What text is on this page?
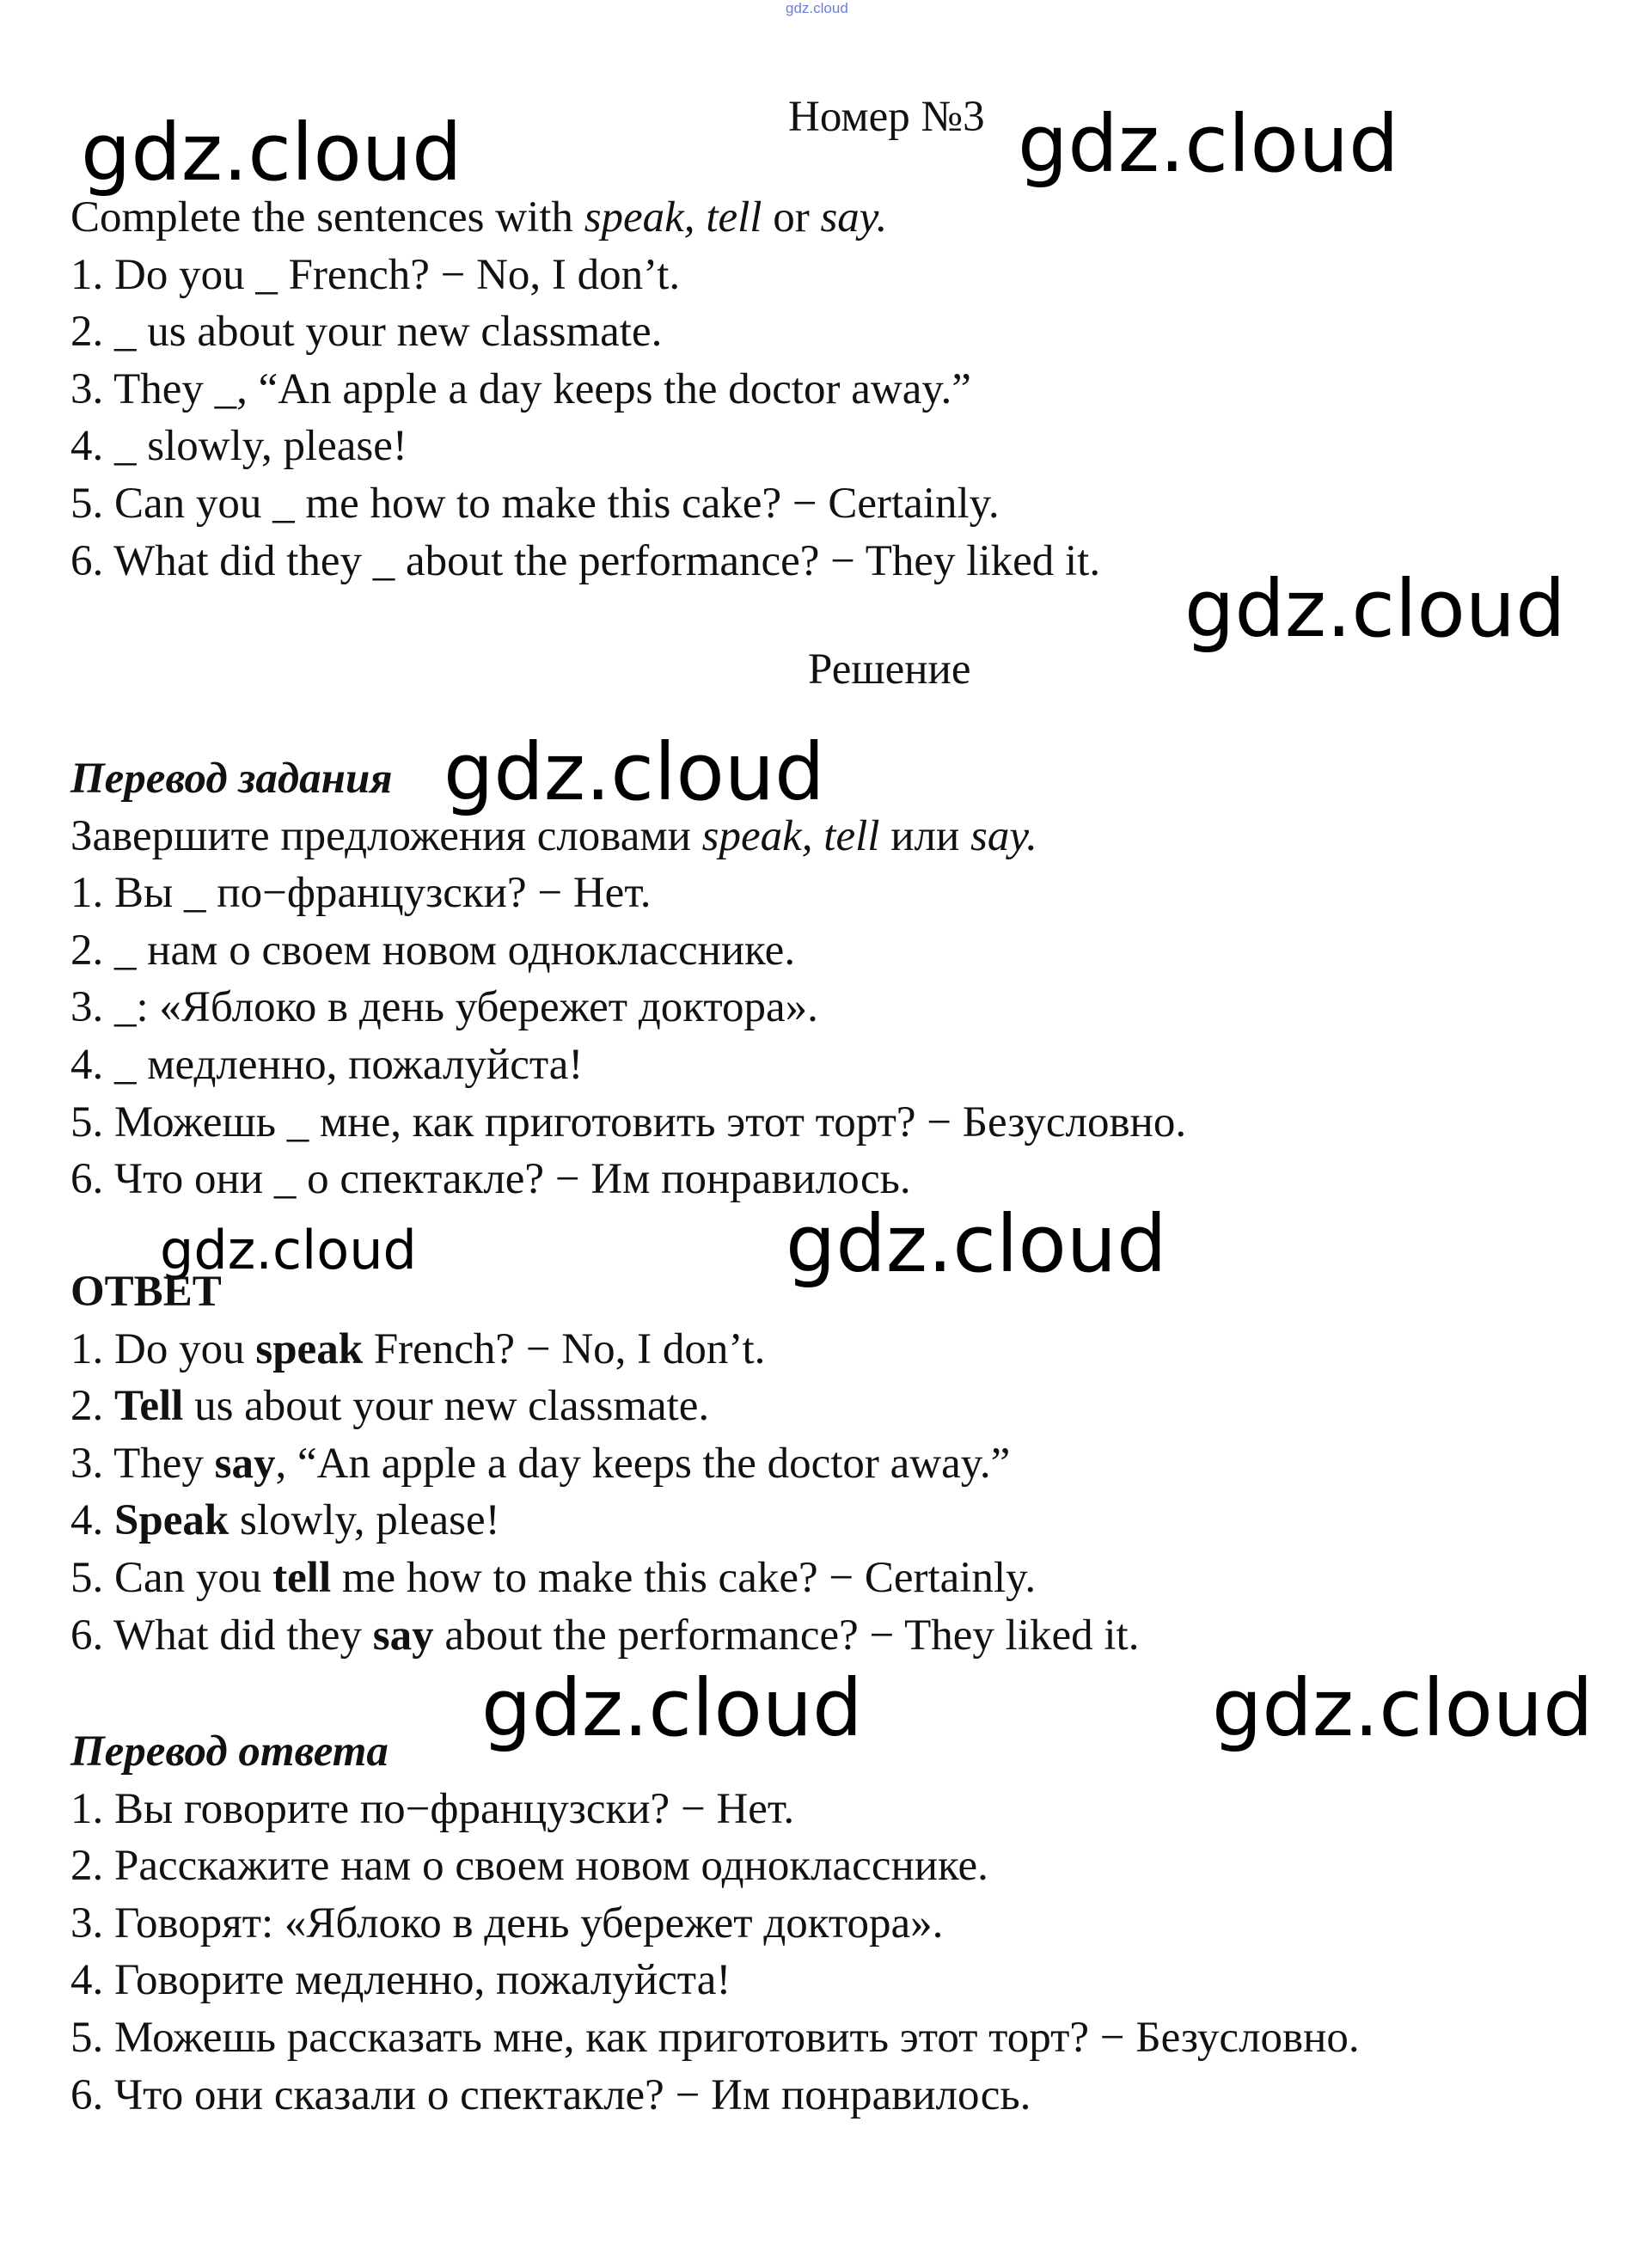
gdz.cloud
gdz.cloud	gdz.cloud
gdz.cloud
gdz.cloud
gdz.cloud	gdz.cloud
gdz.cloud	gdz.cloud
Номер №3
Complete the sentences with speak, tell or say.
1. Do you _ French? − No, I don’t.
2. _ us about your new classmate.
3. They _, “An apple a day keeps the doctor away.”
4. _ slowly, please!
5. Can you _ me how to make this cake? − Certainly.
6. What did they _ about the performance? − They liked it.
Решение
Перевод задания
Завершите предложения словами speak, tell или say.
1. Вы _ по−французски? − Нет.
2. _ нам о своем новом однокласснике.
3. _: «Яблоко в день убережет доктора».
4. _ медленно, пожалуйста!
5. Можешь _ мне, как приготовить этот торт? − Безусловно.
6. Что они _ о спектакле? − Им понравилось.
ОТВЕТ
1. Do you speak French? − No, I don’t.
2. Tell us about your new classmate.
3. They say, “An apple a day keeps the doctor away.”
4. Speak slowly, please!
5. Can you tell me how to make this cake? − Certainly.
6. What did they say about the performance? − They liked it.
Перевод ответа
1. Вы говорите по−французски? − Нет.
2. Расскажите нам о своем новом однокласснике.
3. Говорят: «Яблоко в день убережет доктора».
4. Говорите медленно, пожалуйста!
5. Можешь рассказать мне, как приготовить этот торт? − Безусловно.
6. Что они сказали о спектакле? − Им понравилось.
